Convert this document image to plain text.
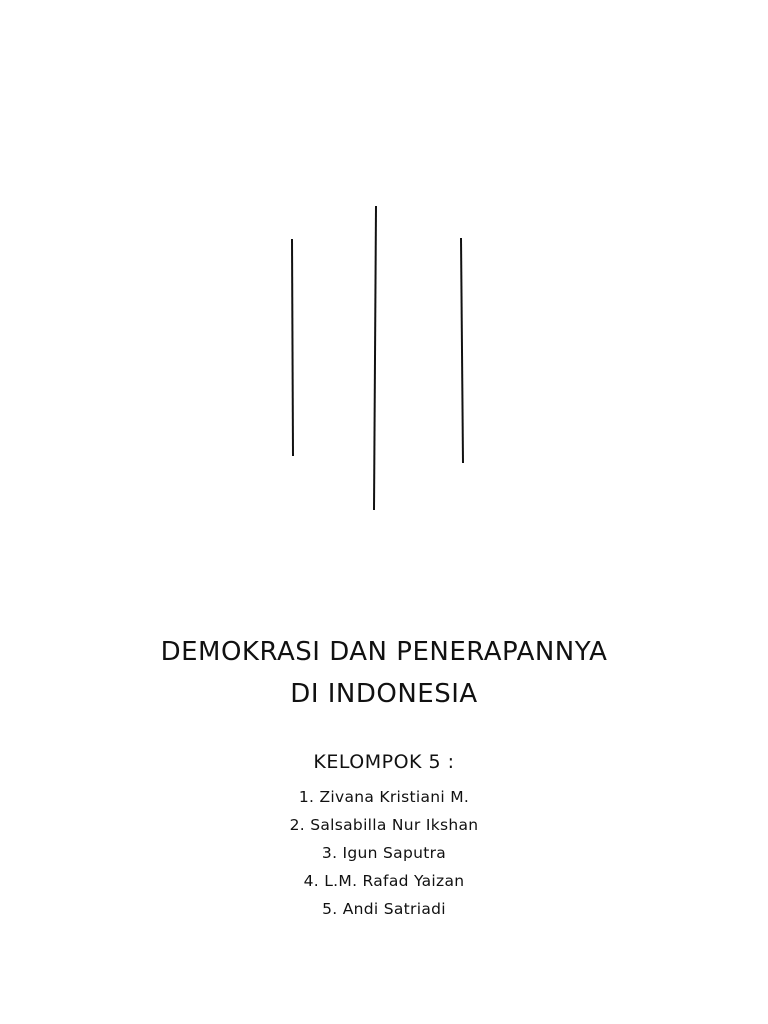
DEMOKRASI DAN PENERAPANNYA
DI INDONESIA
KELOMPOK 5 :
1. Zivana Kristiani M.
2. Salsabilla Nur Ikshan
3. Igun Saputra
4. L.M. Rafad Yaizan
5. Andi Satriadi
